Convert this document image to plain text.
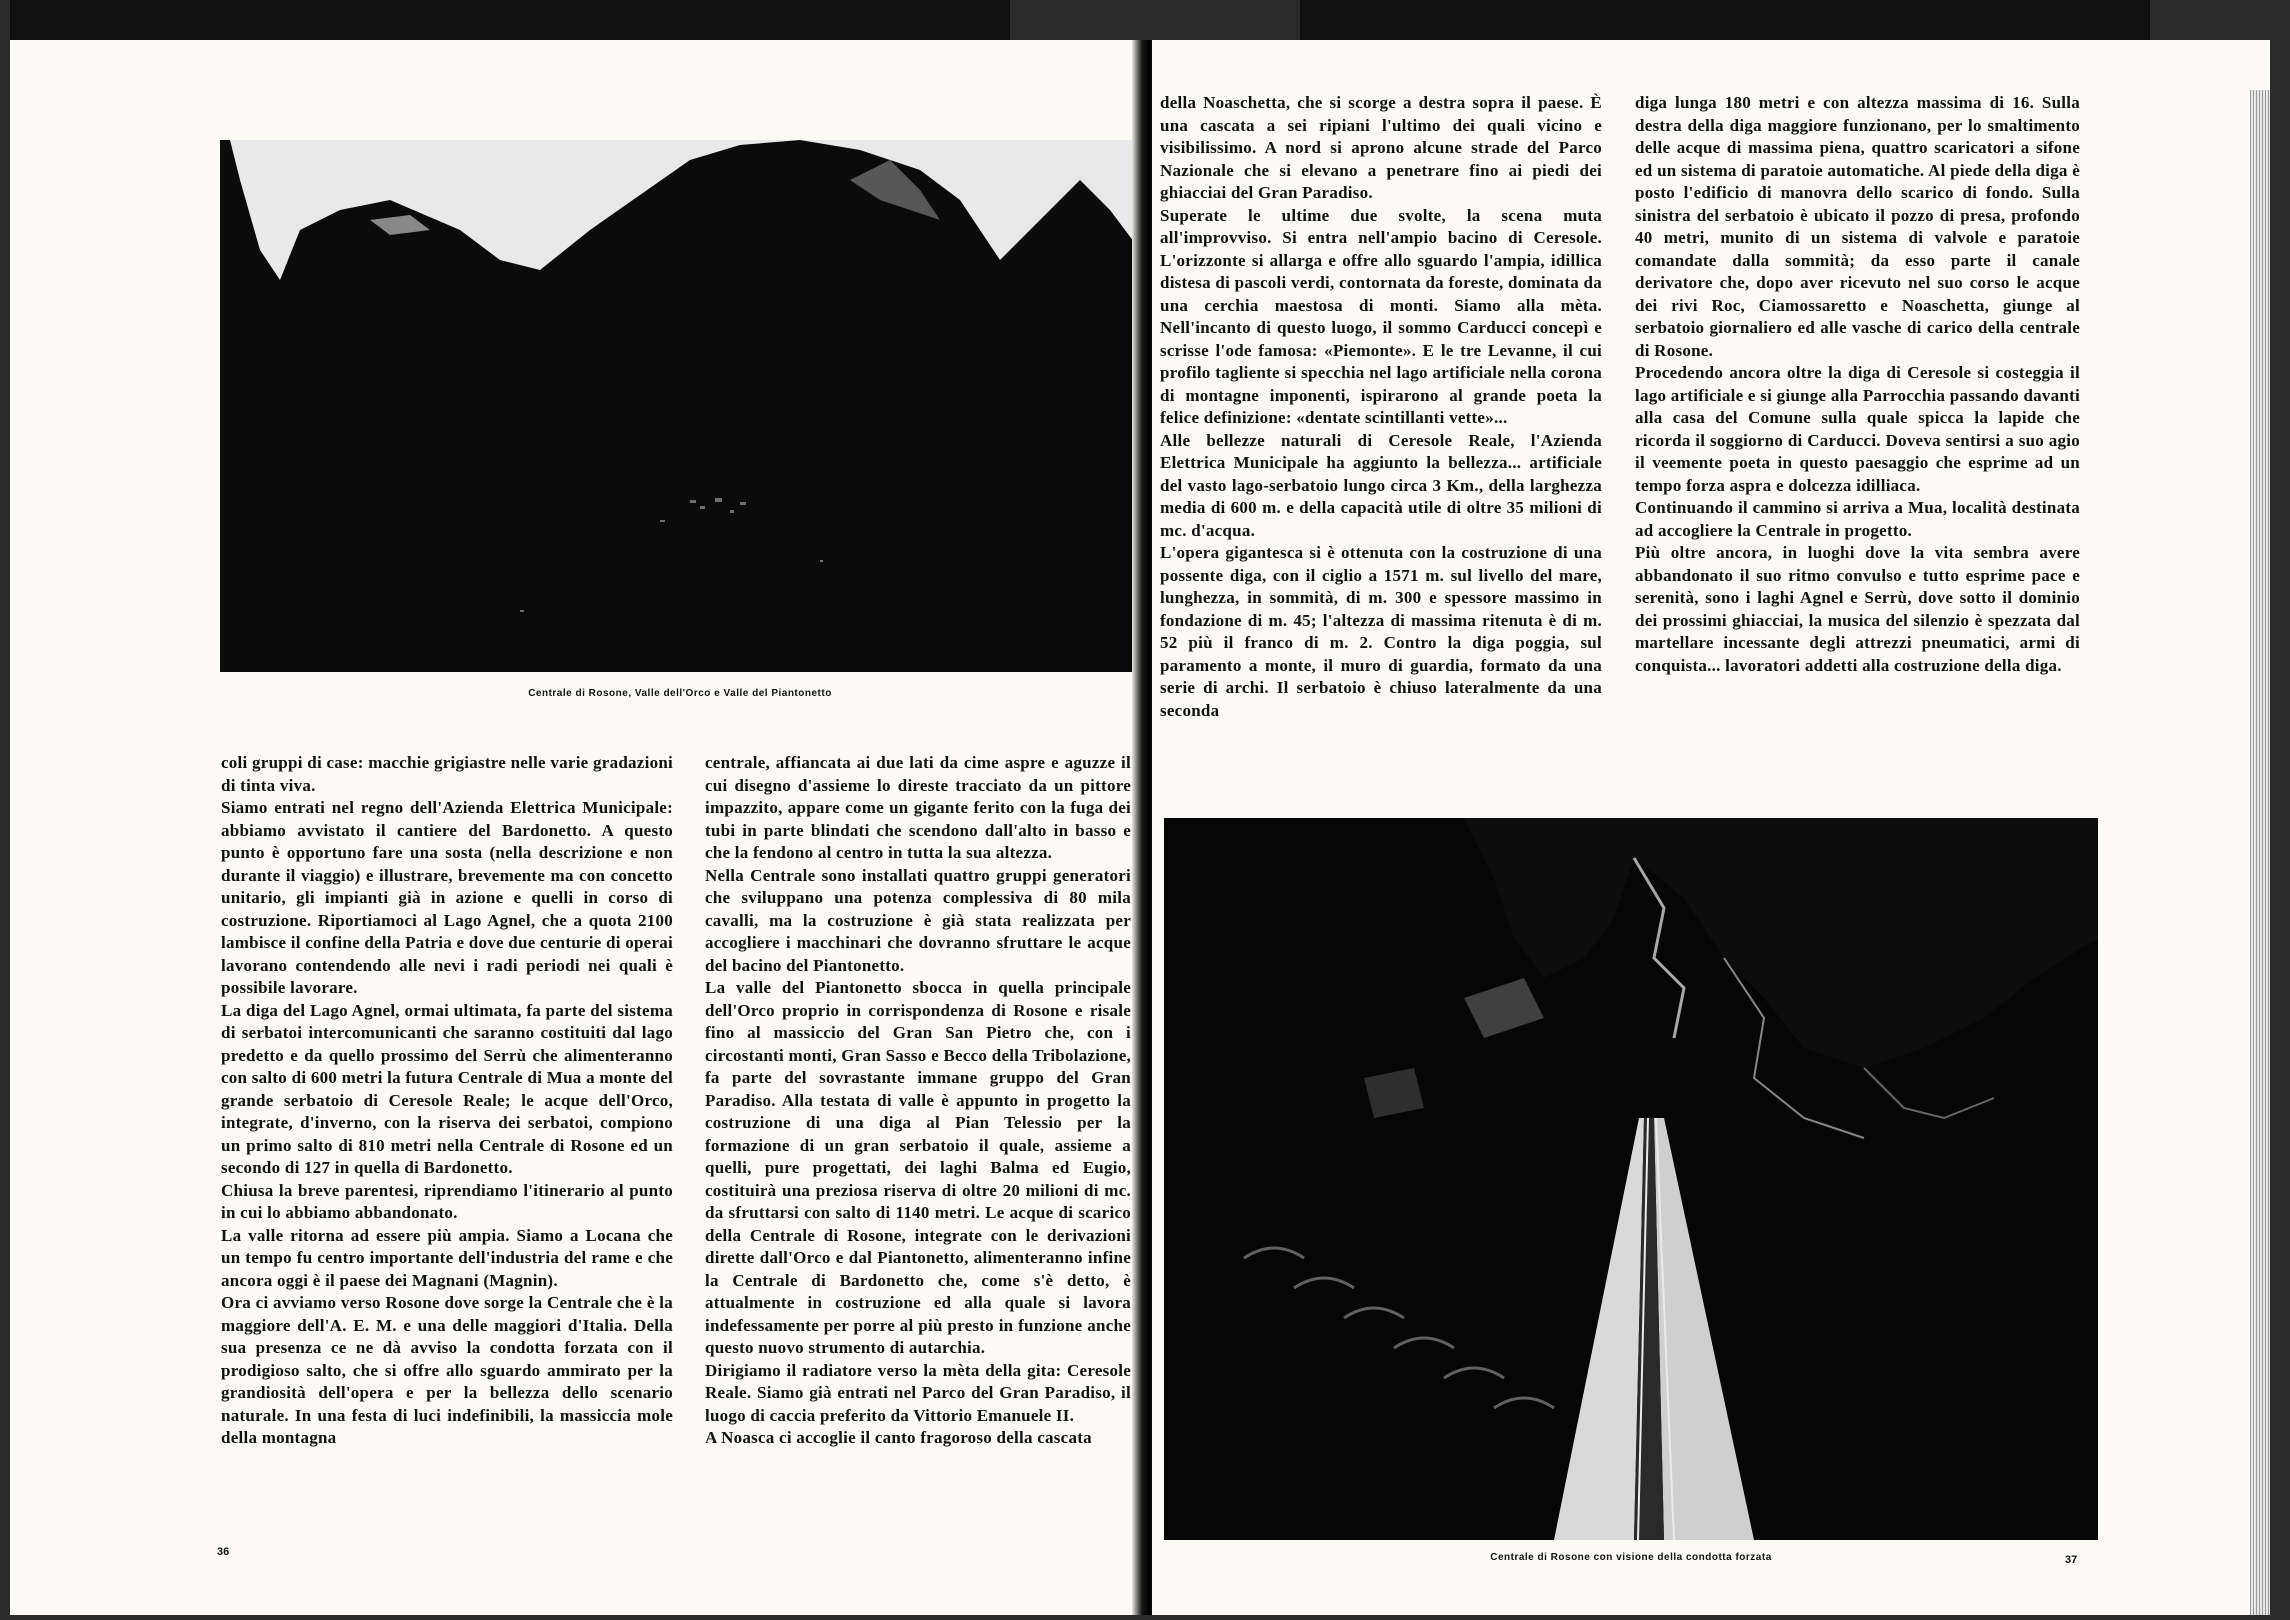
Centrale di Rosone, Valle dell'Orco e Valle del Piantonetto

coli gruppi di case: macchie grigiastre nelle varie gradazioni di tinta viva.

Siamo entrati nel regno dell'Azienda Elettrica Municipale: abbiamo avvistato il cantiere del Bardonetto. A questo punto è opportuno fare una sosta (nella descrizione e non durante il viaggio) e illustrare, brevemente ma con concetto unitario, gli impianti già in azione e quelli in corso di costruzione. Riportiamoci al Lago Agnel, che a quota 2100 lambisce il confine della Patria e dove due centurie di operai lavorano contendendo alle nevi i radi periodi nei quali è possibile lavorare.

La diga del Lago Agnel, ormai ultimata, fa parte del sistema di serbatoi intercomunicanti che saranno costituiti dal lago predetto e da quello prossimo del Serrù che alimenteranno con salto di 600 metri la futura Centrale di Mua a monte del grande serbatoio di Ceresole Reale; le acque dell'Orco, integrate, d'inverno, con la riserva dei serbatoi, compiono un primo salto di 810 metri nella Centrale di Rosone ed un secondo di 127 in quella di Bardonetto.

Chiusa la breve parentesi, riprendiamo l'itinerario al punto in cui lo abbiamo abbandonato.

La valle ritorna ad essere più ampia. Siamo a Locana che un tempo fu centro importante dell'industria del rame e che ancora oggi è il paese dei Magnani (Magnin).

Ora ci avviamo verso Rosone dove sorge la Centrale che è la maggiore dell'A. E. M. e una delle maggiori d'Italia. Della sua presenza ce ne dà avviso la condotta forzata con il prodigioso salto, che si offre allo sguardo ammirato per la grandiosità dell'opera e per la bellezza dello scenario naturale. In una festa di luci indefinibili, la massiccia mole della montagna

centrale, affiancata ai due lati da cime aspre e aguzze il cui disegno d'assieme lo direste tracciato da un pittore impazzito, appare come un gigante ferito con la fuga dei tubi in parte blindati che scendono dall'alto in basso e che la fendono al centro in tutta la sua altezza.

Nella Centrale sono installati quattro gruppi generatori che sviluppano una potenza complessiva di 80 mila cavalli, ma la costruzione è già stata realizzata per accogliere i macchinari che dovranno sfruttare le acque del bacino del Piantonetto.

La valle del Piantonetto sbocca in quella principale dell'Orco proprio in corrispondenza di Rosone e risale fino al massiccio del Gran San Pietro che, con i circostanti monti, Gran Sasso e Becco della Tribolazione, fa parte del sovrastante immane gruppo del Gran Paradiso. Alla testata di valle è appunto in progetto la costruzione di una diga al Pian Telessio per la formazione di un gran serbatoio il quale, assieme a quelli, pure progettati, dei laghi Balma ed Eugio, costituirà una preziosa riserva di oltre 20 milioni di mc. da sfruttarsi con salto di 1140 metri. Le acque di scarico della Centrale di Rosone, integrate con le derivazioni dirette dall'Orco e dal Piantonetto, alimenteranno infine la Centrale di Bardonetto che, come s'è detto, è attualmente in costruzione ed alla quale si lavora indefessamente per porre al più presto in funzione anche questo nuovo strumento di autarchia.

Dirigiamo il radiatore verso la mèta della gita: Ceresole Reale. Siamo già entrati nel Parco del Gran Paradiso, il luogo di caccia preferito da Vittorio Emanuele II.

A Noasca ci accoglie il canto fragoroso della cascata

36

della Noaschetta, che si scorge a destra sopra il paese. È una cascata a sei ripiani l'ultimo dei quali vicino e visibilissimo. A nord si aprono alcune strade del Parco Nazionale che si elevano a penetrare fino ai piedi dei ghiacciai del Gran Paradiso.

Superate le ultime due svolte, la scena muta all'improvviso. Si entra nell'ampio bacino di Ceresole. L'orizzonte si allarga e offre allo sguardo l'ampia, idillica distesa di pascoli verdi, contornata da foreste, dominata da una cerchia maestosa di monti. Siamo alla mèta. Nell'incanto di questo luogo, il sommo Carducci concepì e scrisse l'ode famosa: «Piemonte». E le tre Levanne, il cui profilo tagliente si specchia nel lago artificiale nella corona di montagne imponenti, ispirarono al grande poeta la felice definizione: «dentate scintillanti vette»...

Alle bellezze naturali di Ceresole Reale, l'Azienda Elettrica Municipale ha aggiunto la bellezza... artificiale del vasto lago-serbatoio lungo circa 3 Km., della larghezza media di 600 m. e della capacità utile di oltre 35 milioni di mc. d'acqua.

L'opera gigantesca si è ottenuta con la costruzione di una possente diga, con il ciglio a 1571 m. sul livello del mare, lunghezza, in sommità, di m. 300 e spessore massimo in fondazione di m. 45; l'altezza di massima ritenuta è di m. 52 più il franco di m. 2. Contro la diga poggia, sul paramento a monte, il muro di guardia, formato da una serie di archi. Il serbatoio è chiuso lateralmente da una seconda

diga lunga 180 metri e con altezza massima di 16. Sulla destra della diga maggiore funzionano, per lo smaltimento delle acque di massima piena, quattro scaricatori a sifone ed un sistema di paratoie automatiche. Al piede della diga è posto l'edificio di manovra dello scarico di fondo. Sulla sinistra del serbatoio è ubicato il pozzo di presa, profondo 40 metri, munito di un sistema di valvole e paratoie comandate dalla sommità; da esso parte il canale derivatore che, dopo aver ricevuto nel suo corso le acque dei rivi Roc, Ciamossaretto e Noaschetta, giunge al serbatoio giornaliero ed alle vasche di carico della centrale di Rosone.

Procedendo ancora oltre la diga di Ceresole si costeggia il lago artificiale e si giunge alla Parrocchia passando davanti alla casa del Comune sulla quale spicca la lapide che ricorda il soggiorno di Carducci. Doveva sentirsi a suo agio il veemente poeta in questo paesaggio che esprime ad un tempo forza aspra e dolcezza idilliaca.

Continuando il cammino si arriva a Mua, località destinata ad accogliere la Centrale in progetto.

Più oltre ancora, in luoghi dove la vita sembra avere abbandonato il suo ritmo convulso e tutto esprime pace e serenità, sono i laghi Agnel e Serrù, dove sotto il dominio dei prossimi ghiacciai, la musica del silenzio è spezzata dal martellare incessante degli attrezzi pneumatici, armi di conquista... lavoratori addetti alla costruzione della diga.

Centrale di Rosone con visione della condotta forzata	37
